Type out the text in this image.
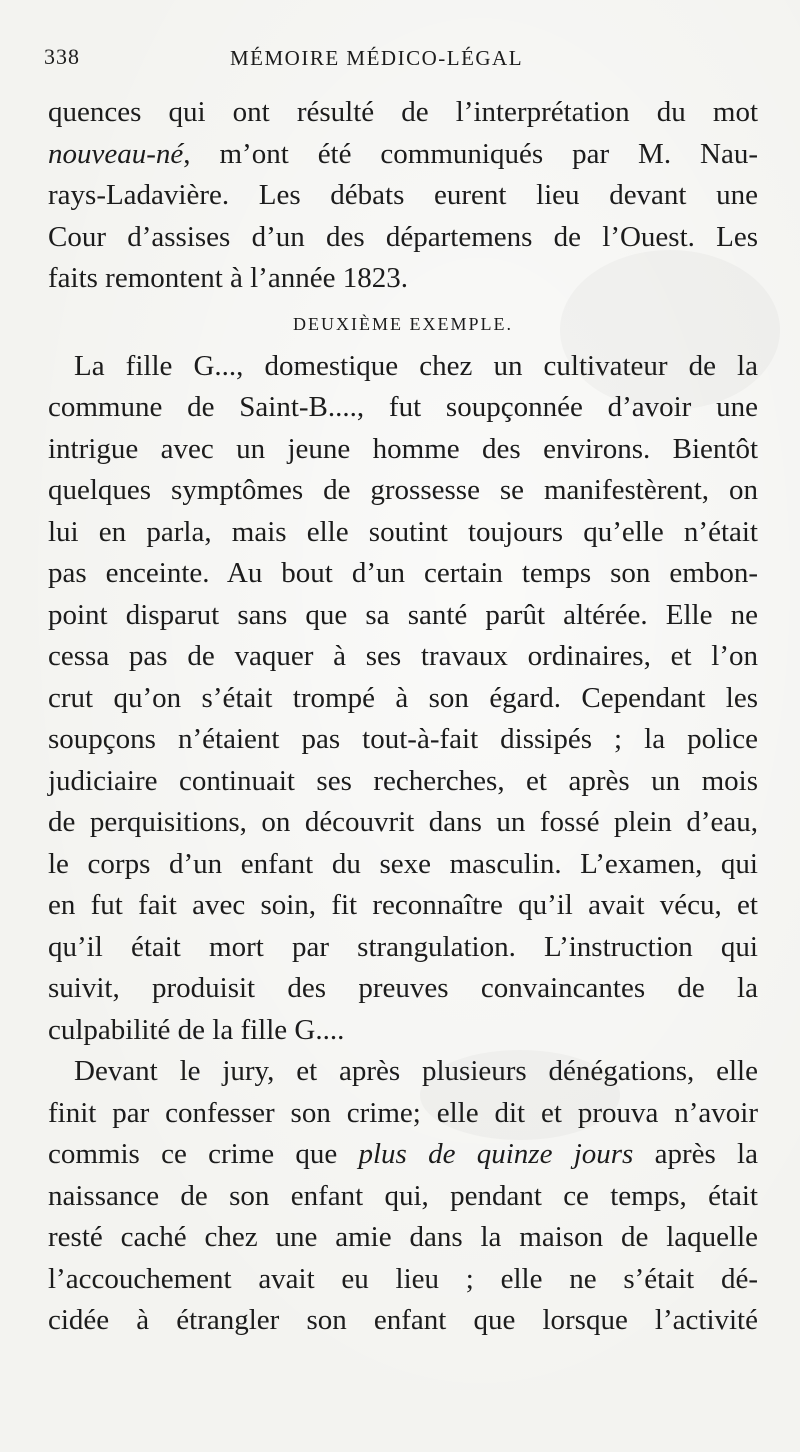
338	MÉMOIRE MÉDICO-LÉGAL
quences qui ont résulté de l’interprétation du mot
nouveau-né, m’ont été communiqués par M. Nau-
rays-Ladavière. Les débats eurent lieu devant une
Cour d’assises d’un des départemens de l’Ouest. Les
faits remontent à l’année 1823.
DEUXIÈME EXEMPLE.
La fille G..., domestique chez un cultivateur de la
commune de Saint-B...., fut soupçonnée d’avoir une
intrigue avec un jeune homme des environs. Bientôt
quelques symptômes de grossesse se manifestèrent, on
lui en parla, mais elle soutint toujours qu’elle n’était
pas enceinte. Au bout d’un certain temps son embon-
point disparut sans que sa santé parût altérée. Elle ne
cessa pas de vaquer à ses travaux ordinaires, et l’on
crut qu’on s’était trompé à son égard. Cependant les
soupçons n’étaient pas tout-à-fait dissipés ; la police
judiciaire continuait ses recherches, et après un mois
de perquisitions, on découvrit dans un fossé plein d’eau,
le corps d’un enfant du sexe masculin. L’examen, qui
en fut fait avec soin, fit reconnaître qu’il avait vécu, et
qu’il était mort par strangulation. L’instruction qui
suivit, produisit des preuves convaincantes de la
culpabilité de la fille G....
Devant le jury, et après plusieurs dénégations, elle
finit par confesser son crime; elle dit et prouva n’avoir
commis ce crime que plus de quinze jours après la
naissance de son enfant qui, pendant ce temps, était
resté caché chez une amie dans la maison de laquelle
l’accouchement avait eu lieu ; elle ne s’était dé-
cidée à étrangler son enfant que lorsque l’activité
